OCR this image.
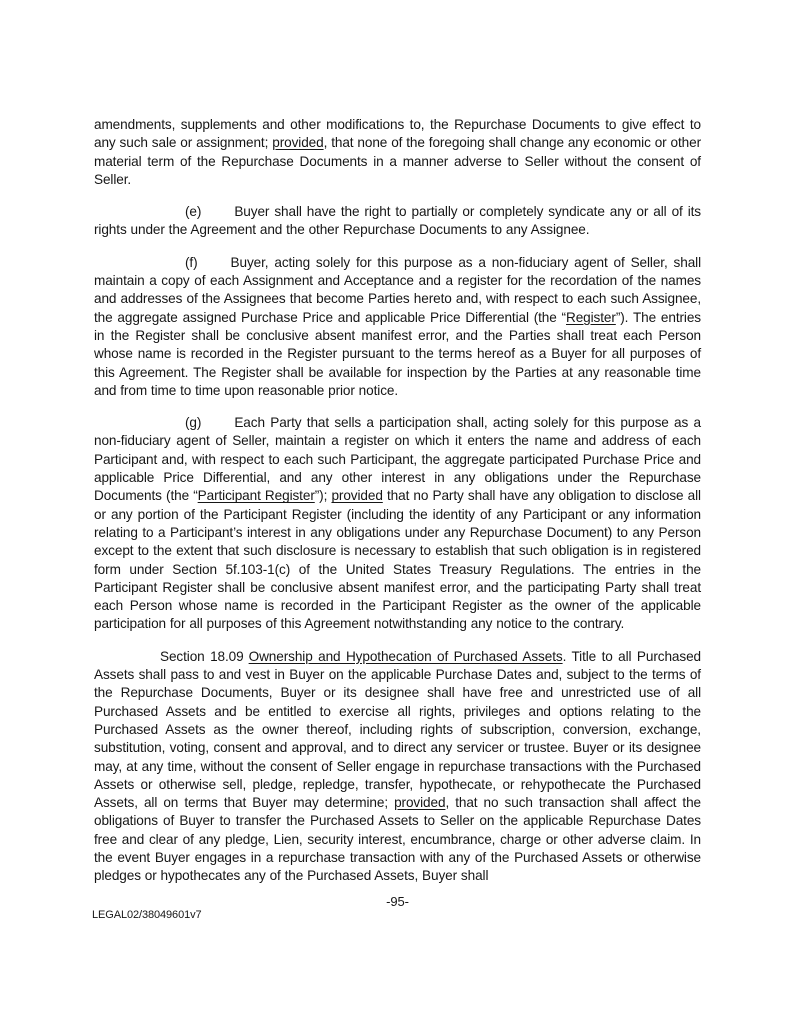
amendments, supplements and other modifications to, the Repurchase Documents to give effect to any such sale or assignment; provided, that none of the foregoing shall change any economic or other material term of the Repurchase Documents in a manner adverse to Seller without the consent of Seller.

(e) Buyer shall have the right to partially or completely syndicate any or all of its rights under the Agreement and the other Repurchase Documents to any Assignee.

(f) Buyer, acting solely for this purpose as a non-fiduciary agent of Seller, shall maintain a copy of each Assignment and Acceptance and a register for the recordation of the names and addresses of the Assignees that become Parties hereto and, with respect to each such Assignee, the aggregate assigned Purchase Price and applicable Price Differential (the “Register”). The entries in the Register shall be conclusive absent manifest error, and the Parties shall treat each Person whose name is recorded in the Register pursuant to the terms hereof as a Buyer for all purposes of this Agreement. The Register shall be available for inspection by the Parties at any reasonable time and from time to time upon reasonable prior notice.

(g) Each Party that sells a participation shall, acting solely for this purpose as a non-fiduciary agent of Seller, maintain a register on which it enters the name and address of each Participant and, with respect to each such Participant, the aggregate participated Purchase Price and applicable Price Differential, and any other interest in any obligations under the Repurchase Documents (the “Participant Register”); provided that no Party shall have any obligation to disclose all or any portion of the Participant Register (including the identity of any Participant or any information relating to a Participant’s interest in any obligations under any Repurchase Document) to any Person except to the extent that such disclosure is necessary to establish that such obligation is in registered form under Section 5f.103-1(c) of the United States Treasury Regulations. The entries in the Participant Register shall be conclusive absent manifest error, and the participating Party shall treat each Person whose name is recorded in the Participant Register as the owner of the applicable participation for all purposes of this Agreement notwithstanding any notice to the contrary.

Section 18.09 Ownership and Hypothecation of Purchased Assets. Title to all Purchased Assets shall pass to and vest in Buyer on the applicable Purchase Dates and, subject to the terms of the Repurchase Documents, Buyer or its designee shall have free and unrestricted use of all Purchased Assets and be entitled to exercise all rights, privileges and options relating to the Purchased Assets as the owner thereof, including rights of subscription, conversion, exchange, substitution, voting, consent and approval, and to direct any servicer or trustee. Buyer or its designee may, at any time, without the consent of Seller engage in repurchase transactions with the Purchased Assets or otherwise sell, pledge, repledge, transfer, hypothecate, or rehypothecate the Purchased Assets, all on terms that Buyer may determine; provided, that no such transaction shall affect the obligations of Buyer to transfer the Purchased Assets to Seller on the applicable Repurchase Dates free and clear of any pledge, Lien, security interest, encumbrance, charge or other adverse claim. In the event Buyer engages in a repurchase transaction with any of the Purchased Assets or otherwise pledges or hypothecates any of the Purchased Assets, Buyer shall

-95-
LEGAL02/38049601v7
